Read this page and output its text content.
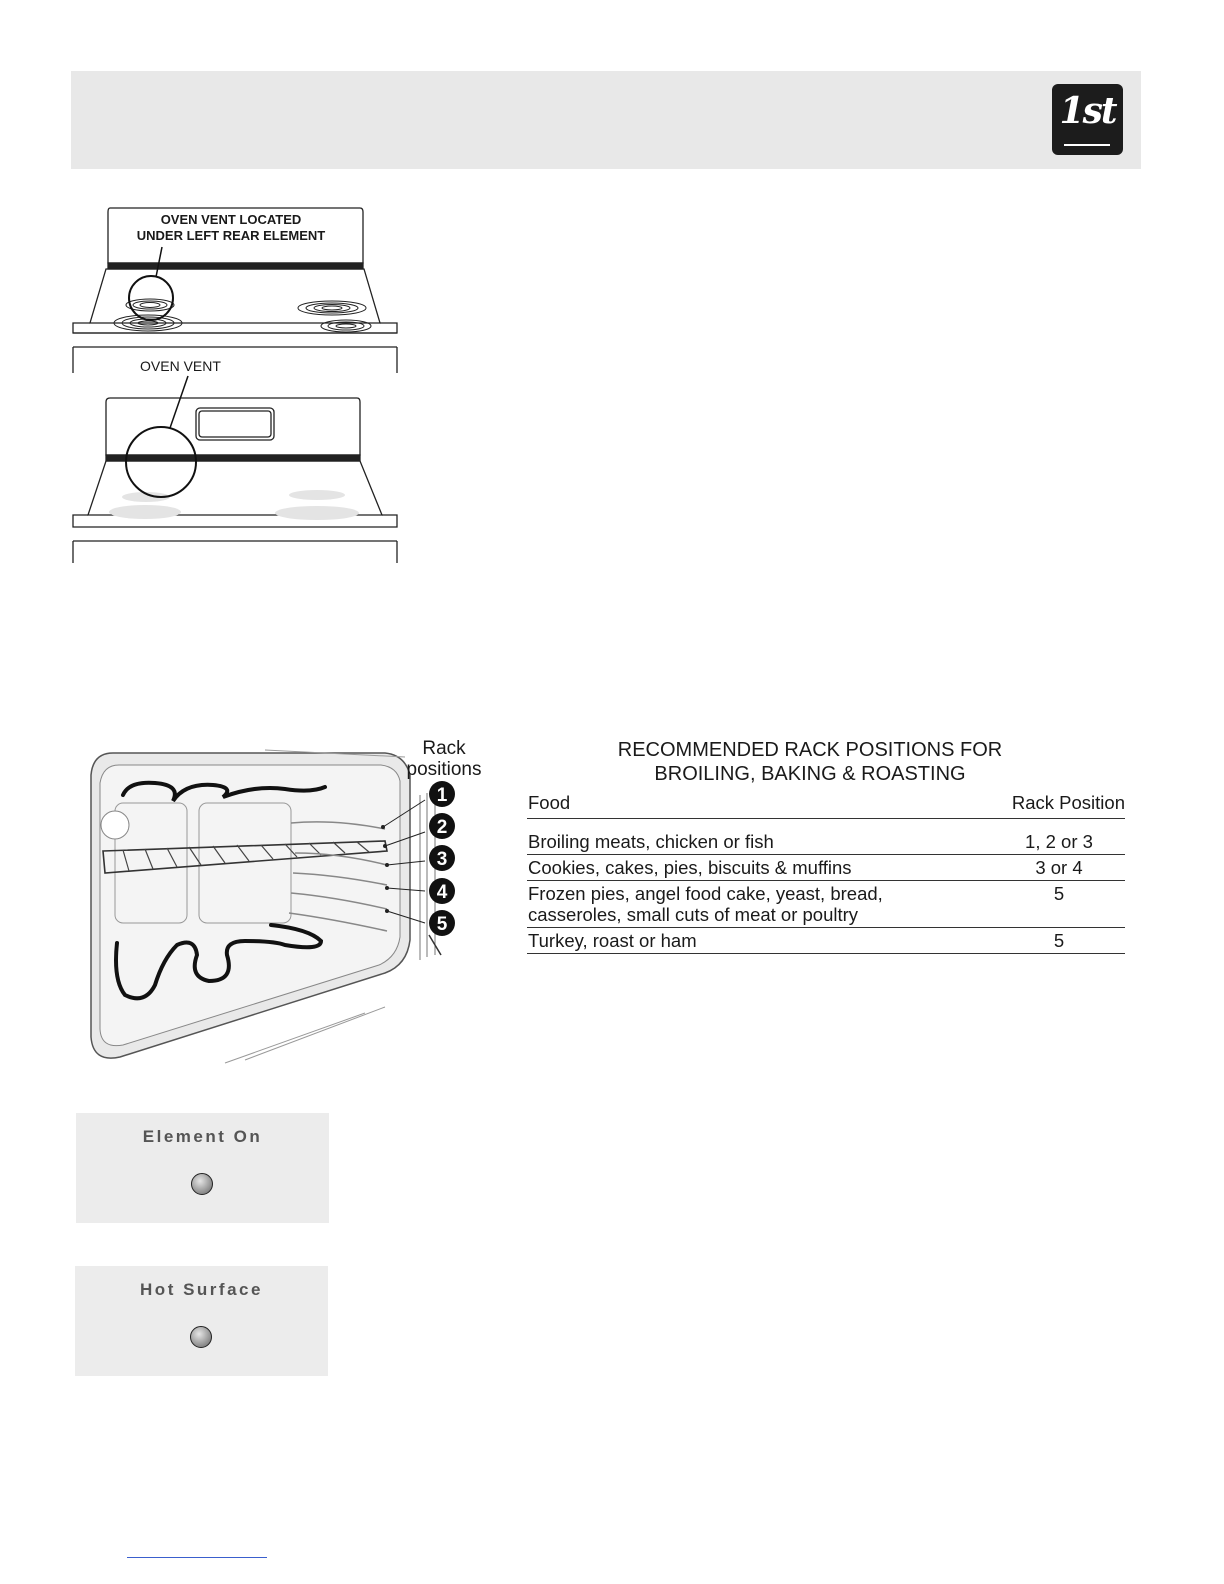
1st
OVEN VENT LOCATED
UNDER LEFT REAR ELEMENT
OVEN VENT
1
2
3
4
5
Rack
positions
RECOMMENDED RACK POSITIONS FOR
BROILING, BAKING & ROASTING
Food	Rack Position

Broiling meats, chicken or fish	1, 2 or 3

Cookies, cakes, pies, biscuits & muffins	3 or 4

Frozen pies, angel food cake, yeast, bread,
casseroles, small cuts of meat or poultry	5

Turkey, roast or ham	5
Element On
Hot Surface
